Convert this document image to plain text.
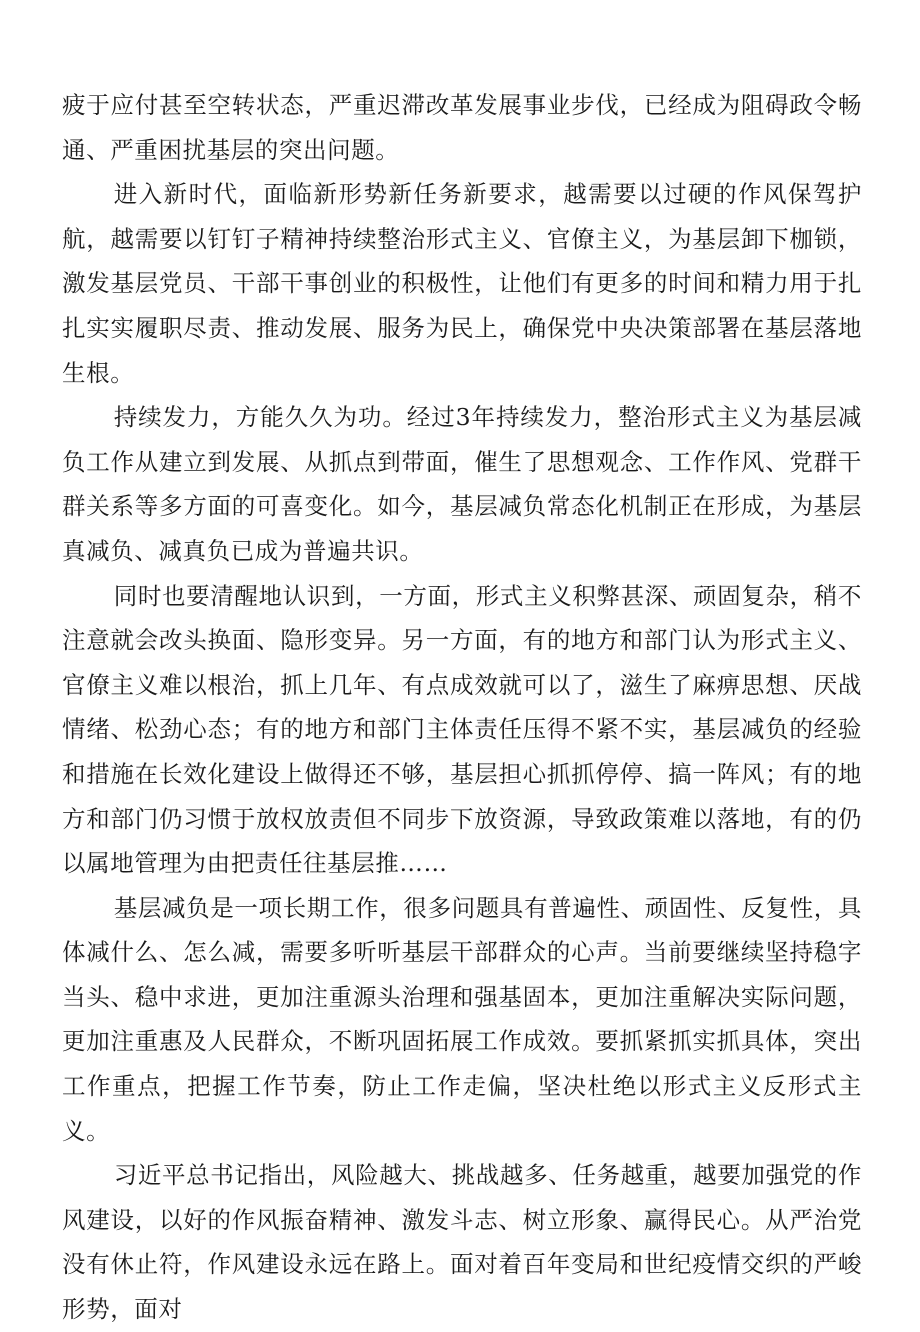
疲于应付甚至空转状态，严重迟滞改革发展事业步伐，已经成为阻碍政令畅通、严重困扰基层的突出问题。

进入新时代，面临新形势新任务新要求，越需要以过硬的作风保驾护航，越需要以钉钉子精神持续整治形式主义、官僚主义，为基层卸下枷锁，激发基层党员、干部干事创业的积极性，让他们有更多的时间和精力用于扎扎实实履职尽责、推动发展、服务为民上，确保党中央决策部署在基层落地生根。

持续发力，方能久久为功。经过3年持续发力，整治形式主义为基层减负工作从建立到发展、从抓点到带面，催生了思想观念、工作作风、党群干群关系等多方面的可喜变化。如今，基层减负常态化机制正在形成，为基层真减负、减真负已成为普遍共识。

同时也要清醒地认识到，一方面，形式主义积弊甚深、顽固复杂，稍不注意就会改头换面、隐形变异。另一方面，有的地方和部门认为形式主义、官僚主义难以根治，抓上几年、有点成效就可以了，滋生了麻痹思想、厌战情绪、松劲心态；有的地方和部门主体责任压得不紧不实，基层减负的经验和措施在长效化建设上做得还不够，基层担心抓抓停停、搞一阵风；有的地方和部门仍习惯于放权放责但不同步下放资源，导致政策难以落地，有的仍以属地管理为由把责任往基层推……

基层减负是一项长期工作，很多问题具有普遍性、顽固性、反复性，具体减什么、怎么减，需要多听听基层干部群众的心声。当前要继续坚持稳字当头、稳中求进，更加注重源头治理和强基固本，更加注重解决实际问题，更加注重惠及人民群众，不断巩固拓展工作成效。要抓紧抓实抓具体，突出工作重点，把握工作节奏，防止工作走偏，坚决杜绝以形式主义反形式主义。

习近平总书记指出，风险越大、挑战越多、任务越重，越要加强党的作风建设，以好的作风振奋精神、激发斗志、树立形象、赢得民心。从严治党没有休止符，作风建设永远在路上。面对着百年变局和世纪疫情交织的严峻形势，面对
